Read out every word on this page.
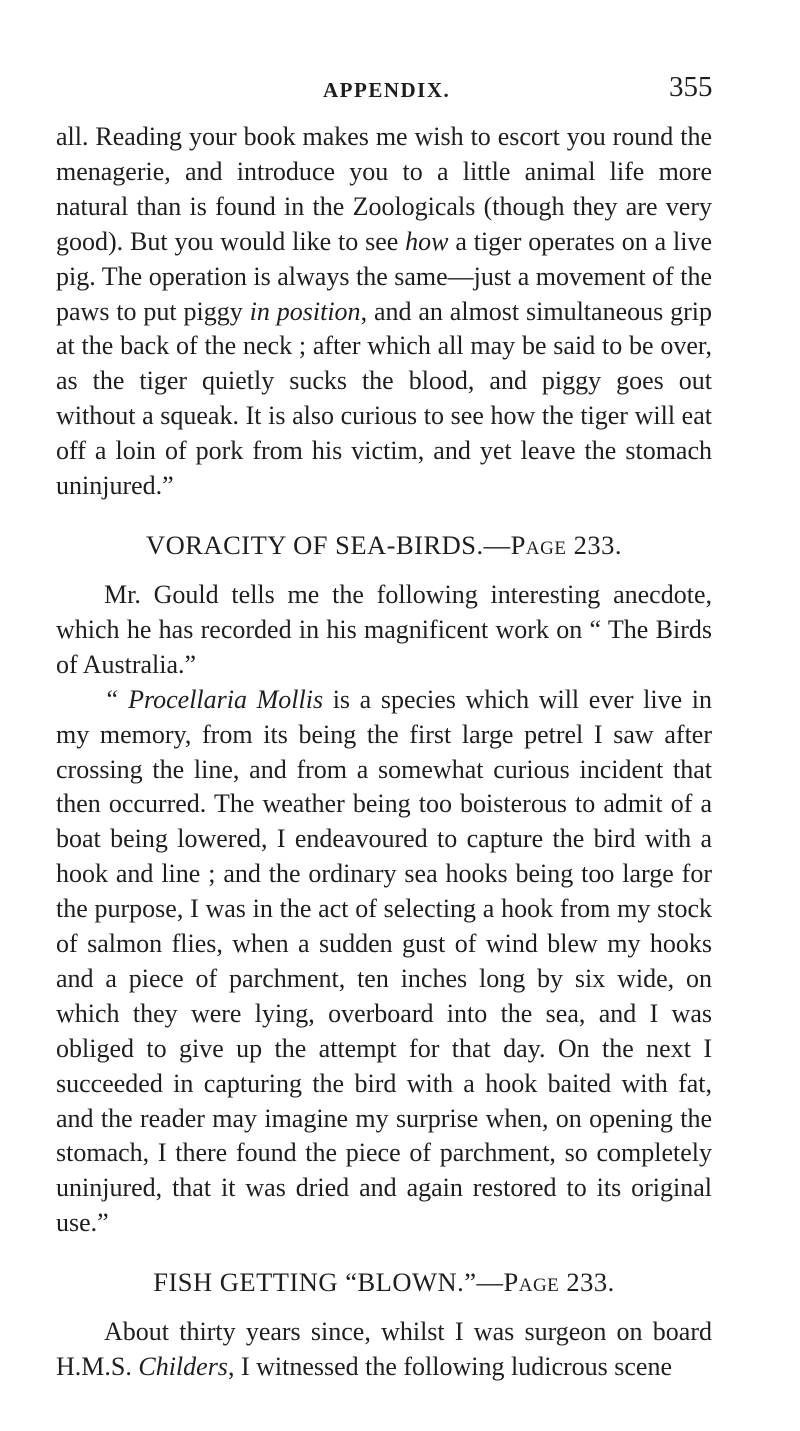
APPENDIX.	355

all. Reading your book makes me wish to escort you round the menagerie, and introduce you to a little animal life more natural than is found in the Zoologicals (though they are very good). But you would like to see how a tiger operates on a live pig. The operation is always the same—just a movement of the paws to put piggy in position, and an almost simultaneous grip at the back of the neck ; after which all may be said to be over, as the tiger quietly sucks the blood, and piggy goes out without a squeak. It is also curious to see how the tiger will eat off a loin of pork from his victim, and yet leave the stomach uninjured.”

VORACITY OF SEA-BIRDS.—Page 233.

Mr. Gould tells me the following interesting anecdote, which he has recorded in his magnificent work on “ The Birds of Australia.”

“ Procellaria Mollis is a species which will ever live in my memory, from its being the first large petrel I saw after crossing the line, and from a somewhat curious incident that then occurred. The weather being too boisterous to admit of a boat being lowered, I endeavoured to capture the bird with a hook and line ; and the ordinary sea hooks being too large for the purpose, I was in the act of selecting a hook from my stock of salmon flies, when a sudden gust of wind blew my hooks and a piece of parchment, ten inches long by six wide, on which they were lying, overboard into the sea, and I was obliged to give up the attempt for that day. On the next I succeeded in capturing the bird with a hook baited with fat, and the reader may imagine my surprise when, on opening the stomach, I there found the piece of parchment, so completely uninjured, that it was dried and again restored to its original use.”

FISH GETTING “BLOWN.”—Page 233.

About thirty years since, whilst I was surgeon on board H.M.S. Childers, I witnessed the following ludicrous scene
